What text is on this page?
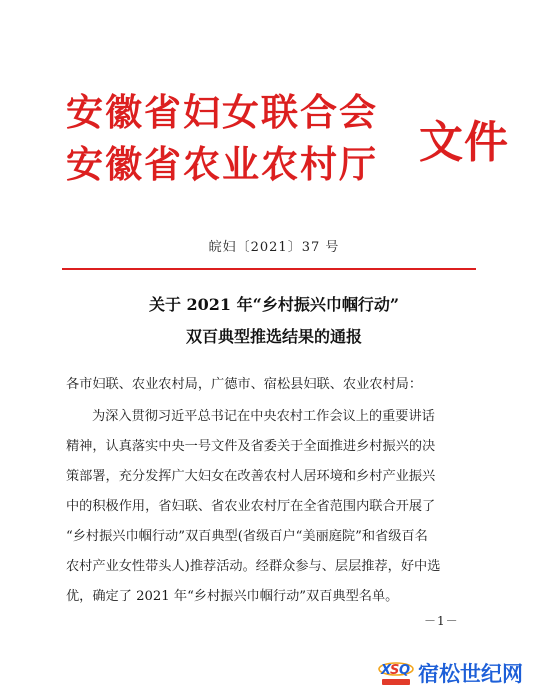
安徽省妇女联合会
安徽省农业农村厅 文件
皖妇〔2021〕37 号
关于 2021 年“乡村振兴巾帼行动”
双百典型推选结果的通报
各市妇联、农业农村局，广德市、宿松县妇联、农业农村局：
为深入贯彻习近平总书记在中央农村工作会议上的重要讲话
精神，认真落实中央一号文件及省委关于全面推进乡村振兴的决
策部署，充分发挥广大妇女在改善农村人居环境和乡村产业振兴
中的积极作用，省妇联、省农业农村厅在全省范围内联合开展了
“乡村振兴巾帼行动”双百典型(省级百户“美丽庭院”和省级百名
农村产业女性带头人)推荐活动。经群众参与、层层推荐，好中选
优，确定了 2021 年“乡村振兴巾帼行动”双百典型名单。
－1－
X
S Q 宿松世纪网
